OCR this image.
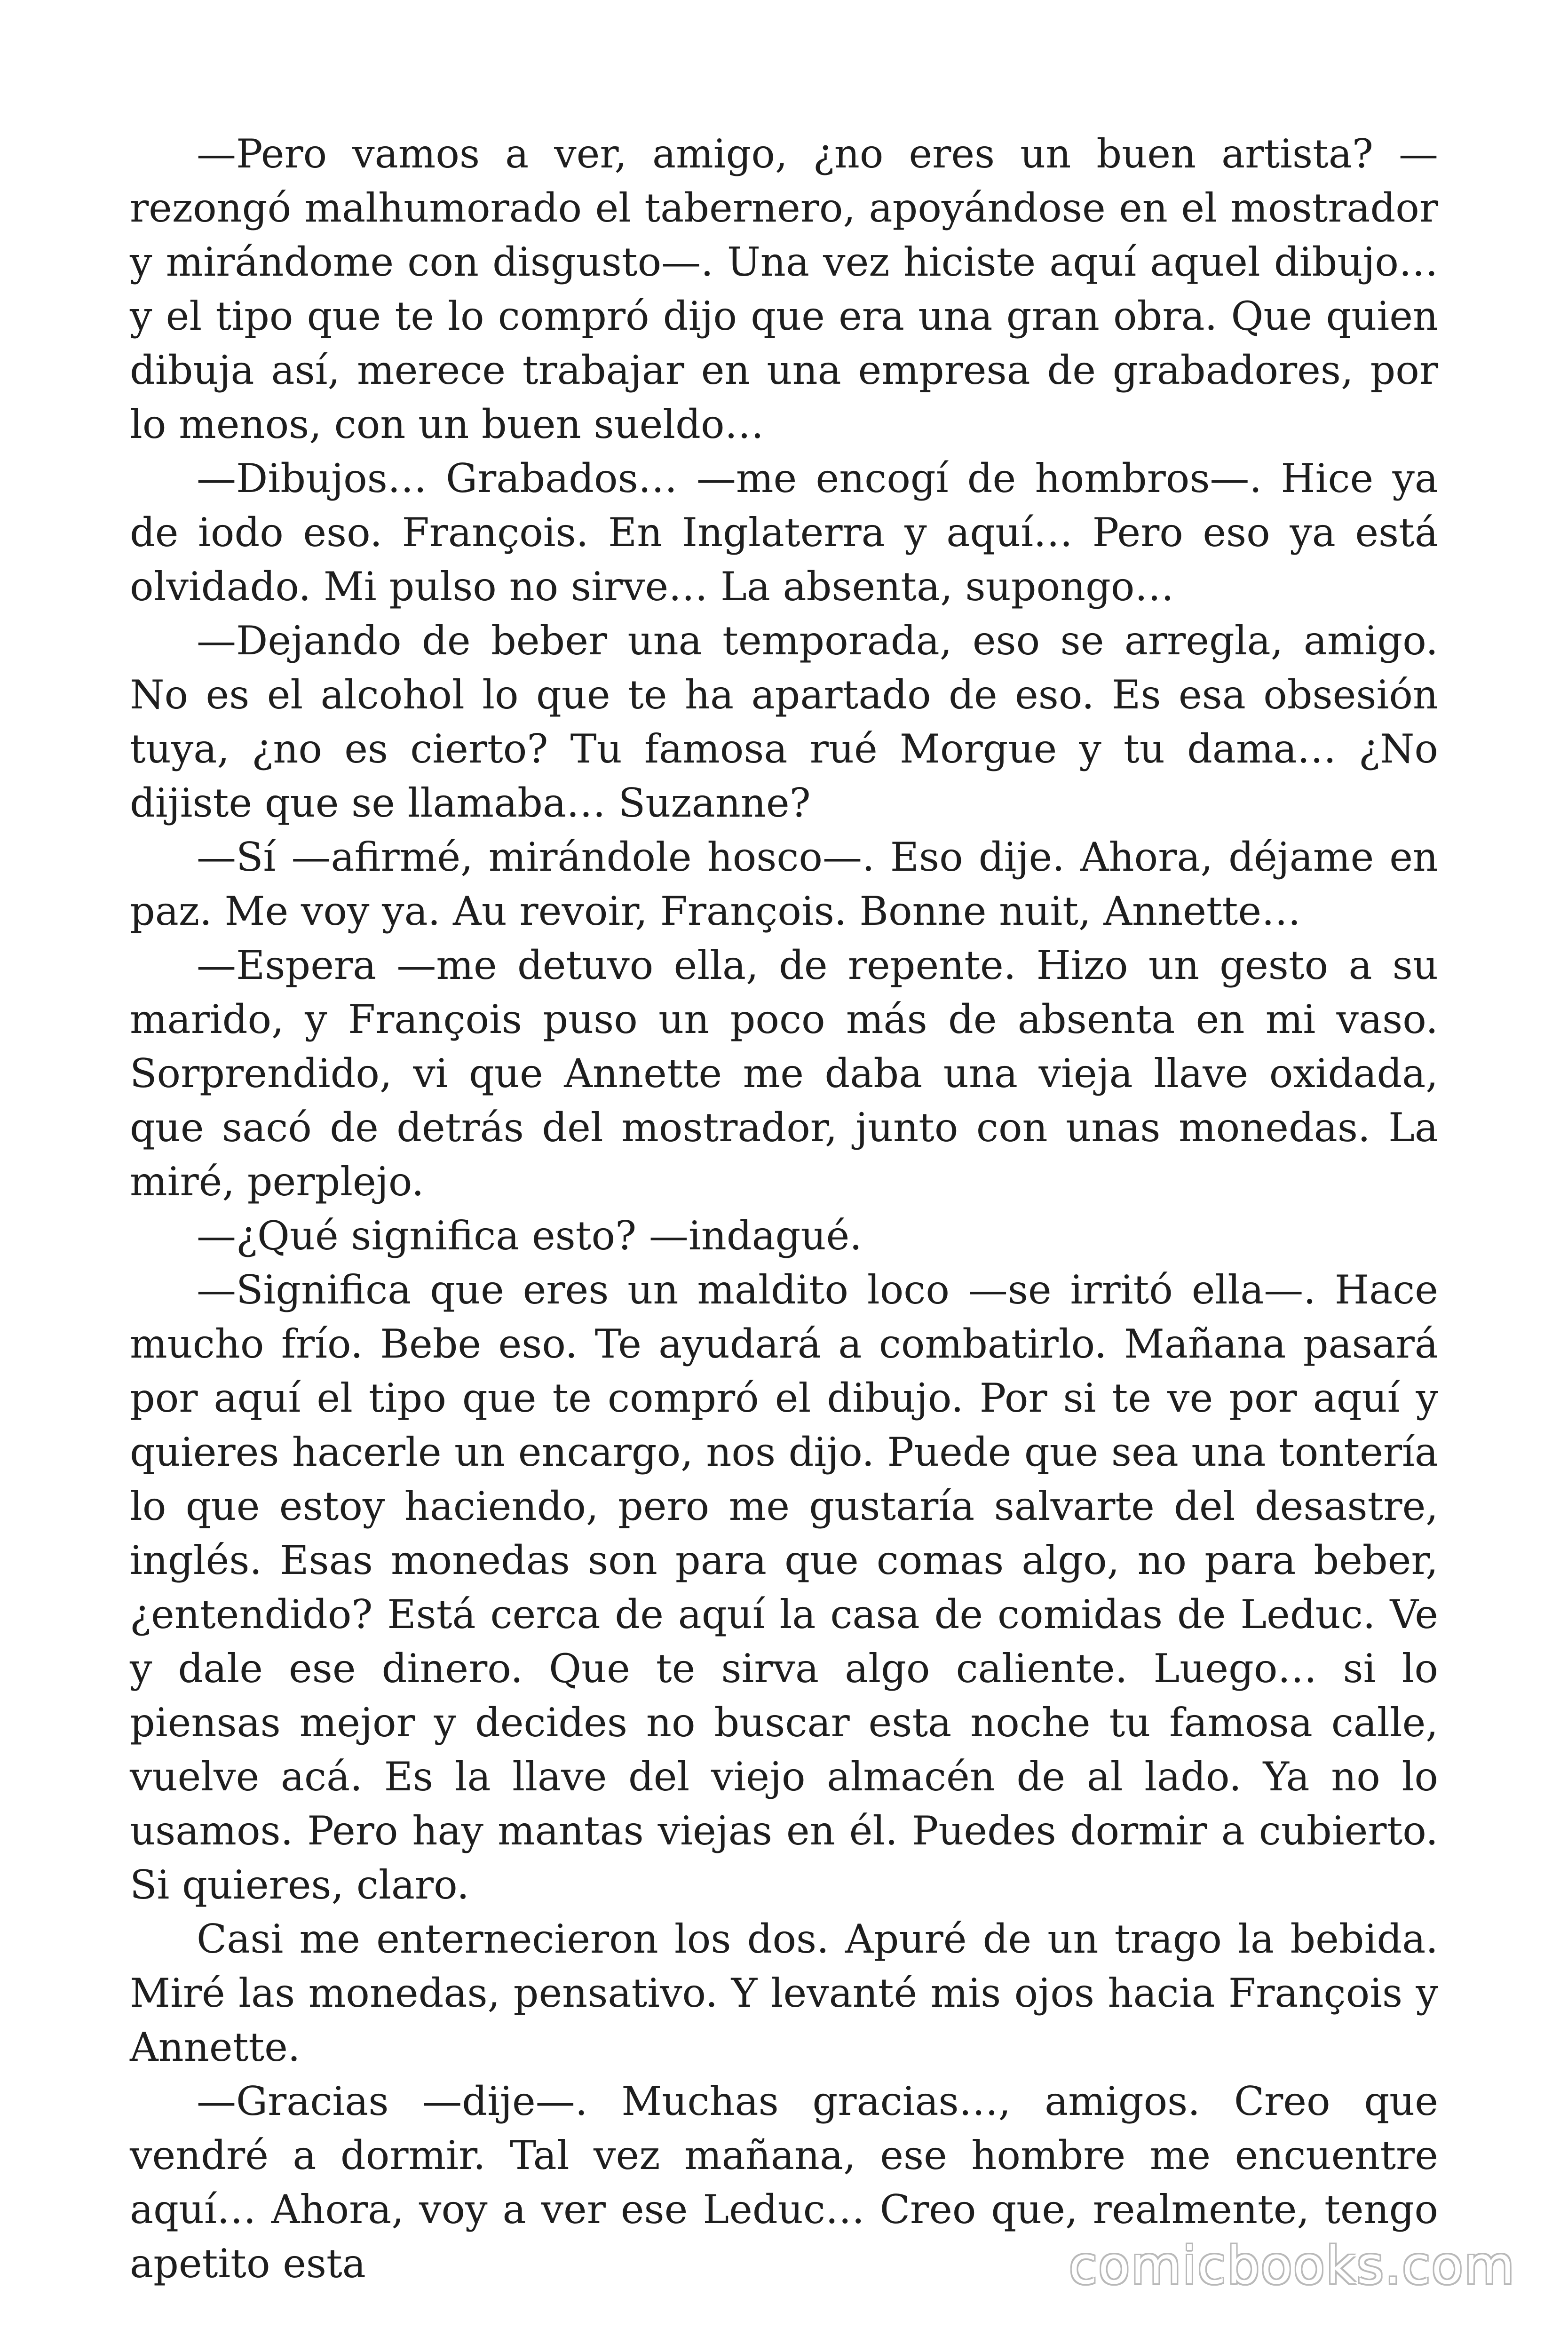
—Pero vamos a ver, amigo, ¿no eres un buen artista? —rezongó malhumorado el tabernero, apoyándose en el mostrador y mirándome con disgusto—. Una vez hiciste aquí aquel dibujo… y el tipo que te lo compró dijo que era una gran obra. Que quien dibuja así, merece trabajar en una empresa de grabadores, por lo menos, con un buen sueldo…

—Dibujos… Grabados… —me encogí de hombros—. Hice ya de iodo eso. François. En Inglaterra y aquí… Pero eso ya está olvidado. Mi pulso no sirve… La absenta, supongo…

—Dejando de beber una temporada, eso se arregla, amigo. No es el alcohol lo que te ha apartado de eso. Es esa obsesión tuya, ¿no es cierto? Tu famosa rué Morgue y tu dama… ¿No dijiste que se llamaba… Suzanne?

—Sí —afirmé, mirándole hosco—. Eso dije. Ahora, déjame en paz. Me voy ya. Au revoir, François. Bonne nuit, Annette…

—Espera —me detuvo ella, de repente. Hizo un gesto a su marido, y François puso un poco más de absenta en mi vaso. Sorprendido, vi que Annette me daba una vieja llave oxidada, que sacó de detrás del mostrador, junto con unas monedas. La miré, perplejo.

—¿Qué significa esto? —indagué.

—Significa que eres un maldito loco —se irritó ella—. Hace mucho frío. Bebe eso. Te ayudará a combatirlo. Mañana pasará por aquí el tipo que te compró el dibujo. Por si te ve por aquí y quieres hacerle un encargo, nos dijo. Puede que sea una tontería lo que estoy haciendo, pero me gustaría salvarte del desastre, inglés. Esas monedas son para que comas algo, no para beber, ¿entendido? Está cerca de aquí la casa de comidas de Leduc. Ve y dale ese dinero. Que te sirva algo caliente. Luego… si lo piensas mejor y decides no buscar esta noche tu famosa calle, vuelve acá. Es la llave del viejo almacén de al lado. Ya no lo usamos. Pero hay mantas viejas en él. Puedes dormir a cubierto. Si quieres, claro.

Casi me enternecieron los dos. Apuré de un trago la bebida. Miré las monedas, pensativo. Y levanté mis ojos hacia François y Annette.

—Gracias —dije—. Muchas gracias…, amigos. Creo que vendré a dormir. Tal vez mañana, ese hombre me encuentre aquí… Ahora, voy a ver ese Leduc… Creo que, realmente, tengo apetito esta	comicbooks.com
